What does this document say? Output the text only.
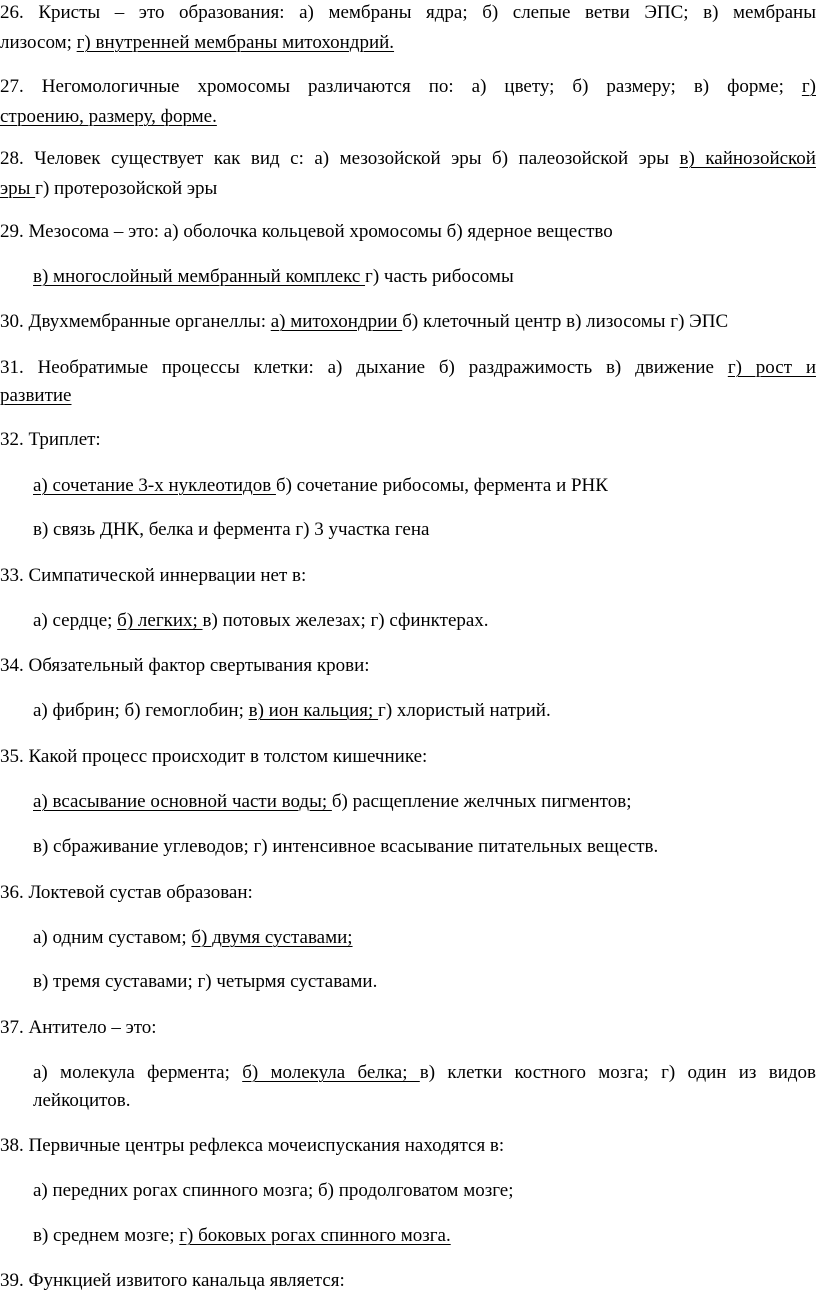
26. Кристы – это образования: а) мембраны ядра; б) слепые ветви ЭПС; в) мембраны
лизосом; г) внутренней мембраны митохондрий.
27. Негомологичные хромосомы различаются по: а) цвету; б) размеру; в) форме; г)
строению, размеру, форме.
28. Человек существует как вид с: а) мезозойской эры б) палеозойской эры в) кайнозойской
эры г) протерозойской эры
29. Мезосома – это: а) оболочка кольцевой хромосомы б) ядерное вещество
в) многослойный мембранный комплекс г) часть рибосомы
30. Двухмембранные органеллы: а) митохондрии б) клеточный центр в) лизосомы г) ЭПС
31. Необратимые процессы клетки: а) дыхание б) раздражимость в) движение г) рост и
развитие
32. Триплет:
а) сочетание 3-х нуклеотидов б) сочетание рибосомы, фермента и РНК
в) связь ДНК, белка и фермента г) 3 участка гена
33. Симпатической иннервации нет в:
а) сердце; б) легких; в) потовых железах; г) сфинктерах.
34. Обязательный фактор свертывания крови:
а) фибрин; б) гемоглобин; в) ион кальция; г) хлористый натрий.
35. Какой процесс происходит в толстом кишечнике:
а) всасывание основной части воды; б) расщепление желчных пигментов;
в) сбраживание углеводов; г) интенсивное всасывание питательных веществ.
36. Локтевой сустав образован:
а) одним суставом; б) двумя суставами;
в) тремя суставами; г) четырмя суставами.
37. Антитело – это:
а) молекула фермента; б) молекула белка; в) клетки костного мозга; г) один из видов
лейкоцитов.
38. Первичные центры рефлекса мочеиспускания находятся в:
а) передних рогах спинного мозга; б) продолговатом мозге;
в) среднем мозге; г) боковых рогах спинного мозга.
39. Функцией извитого канальца является:
